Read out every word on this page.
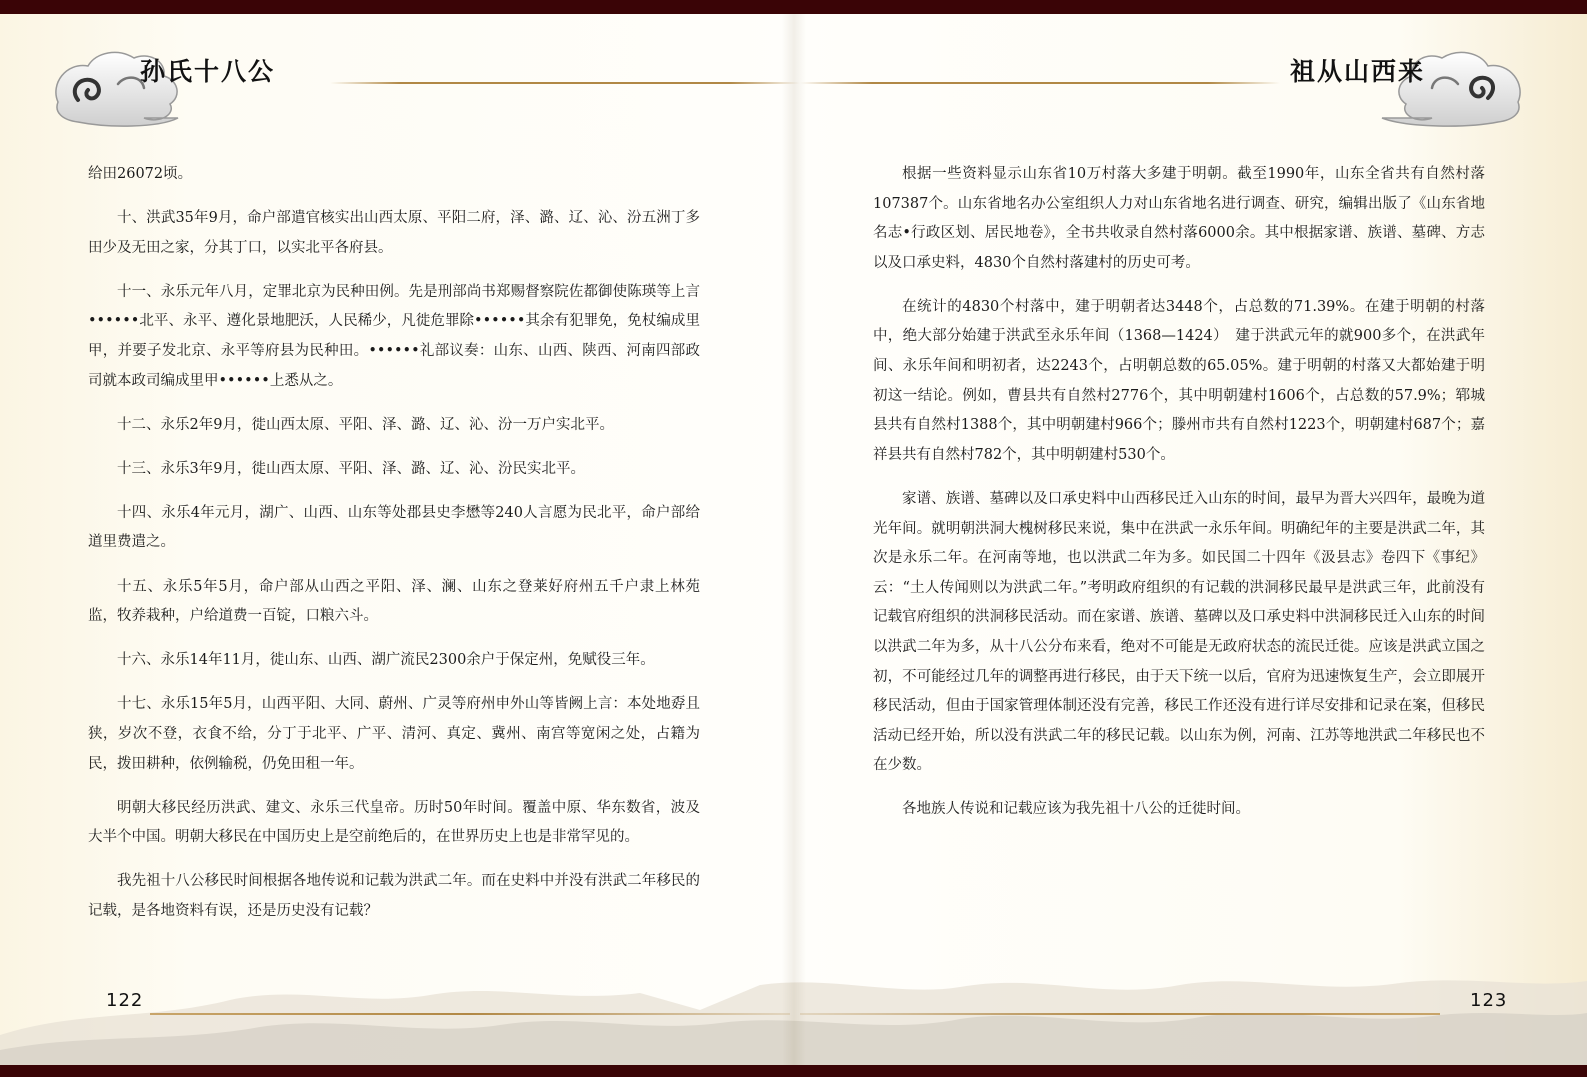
孙氏十八公	祖从山西来

给田26072顷。

十、洪武35年9月，命户部遣官核实出山西太原、平阳二府，泽、潞、辽、沁、汾五洲丁多田少及无田之家，分其丁口，以实北平各府县。

十一、永乐元年八月，定罪北京为民种田例。先是刑部尚书郑赐督察院佐都御使陈瑛等上言••••••北平、永平、遵化景地肥沃，人民稀少，凡徙危罪除••••••其余有犯罪免，免杖编成里甲，并要子发北京、永平等府县为民种田。••••••礼部议奏：山东、山西、陕西、河南四部政司就本政司编成里甲••••••上悉从之。

十二、永乐2年9月，徙山西太原、平阳、泽、潞、辽、沁、汾一万户实北平。

十三、永乐3年9月，徙山西太原、平阳、泽、潞、辽、沁、汾民实北平。

十四、永乐4年元月，湖广、山西、山东等处郡县史李懋等240人言愿为民北平，命户部给道里费遣之。

十五、永乐5年5月，命户部从山西之平阳、泽、澜、山东之登莱好府州五千户隶上林苑监，牧养栽种，户给道费一百锭，口粮六斗。

十六、永乐14年11月，徙山东、山西、湖广流民2300余户于保定州，免赋役三年。

十七、永乐15年5月，山西平阳、大同、蔚州、广灵等府州申外山等皆阙上言：本处地孬且狭，岁次不登，衣食不给，分丁于北平、广平、清河、真定、冀州、南宫等宽闲之处，占籍为民，拨田耕种，依例输税，仍免田租一年。

明朝大移民经历洪武、建文、永乐三代皇帝。历时50年时间。覆盖中原、华东数省，波及大半个中国。明朝大移民在中国历史上是空前绝后的，在世界历史上也是非常罕见的。

我先祖十八公移民时间根据各地传说和记载为洪武二年。而在史料中并没有洪武二年移民的记载，是各地资料有误，还是历史没有记载？

根据一些资料显示山东省10万村落大多建于明朝。截至1990年，山东全省共有自然村落107387个。山东省地名办公室组织人力对山东省地名进行调查、研究，编辑出版了《山东省地名志•行政区划、居民地卷》，全书共收录自然村落6000余。其中根据家谱、族谱、墓碑、方志以及口承史料，4830个自然村落建村的历史可考。

在统计的4830个村落中，建于明朝者达3448个，占总数的71.39%。在建于明朝的村落中，绝大部分始建于洪武至永乐年间（1368—1424）　建于洪武元年的就900多个，在洪武年间、永乐年间和明初者，达2243个，占明朝总数的65.05%。建于明朝的村落又大都始建于明初这一结论。例如，曹县共有自然村2776个，其中明朝建村1606个，占总数的57.9%；郓城县共有自然村1388个，其中明朝建村966个；滕州市共有自然村1223个，明朝建村687个；嘉祥县共有自然村782个，其中明朝建村530个。

家谱、族谱、墓碑以及口承史料中山西移民迁入山东的时间，最早为晋大兴四年，最晚为道光年间。就明朝洪洞大槐树移民来说，集中在洪武一永乐年间。明确纪年的主要是洪武二年，其次是永乐二年。在河南等地，也以洪武二年为多。如民国二十四年《汲县志》卷四下《事纪》云：“土人传闻则以为洪武二年。”考明政府组织的有记载的洪洞移民最早是洪武三年，此前没有记载官府组织的洪洞移民活动。而在家谱、族谱、墓碑以及口承史料中洪洞移民迁入山东的时间以洪武二年为多，从十八公分布来看，绝对不可能是无政府状态的流民迁徙。应该是洪武立国之初，不可能经过几年的调整再进行移民，由于天下统一以后，官府为迅速恢复生产，会立即展开移民活动，但由于国家管理体制还没有完善，移民工作还没有进行详尽安排和记录在案，但移民活动已经开始，所以没有洪武二年的移民记载。以山东为例，河南、江苏等地洪武二年移民也不在少数。

各地族人传说和记载应该为我先祖十八公的迁徙时间。

122	123
